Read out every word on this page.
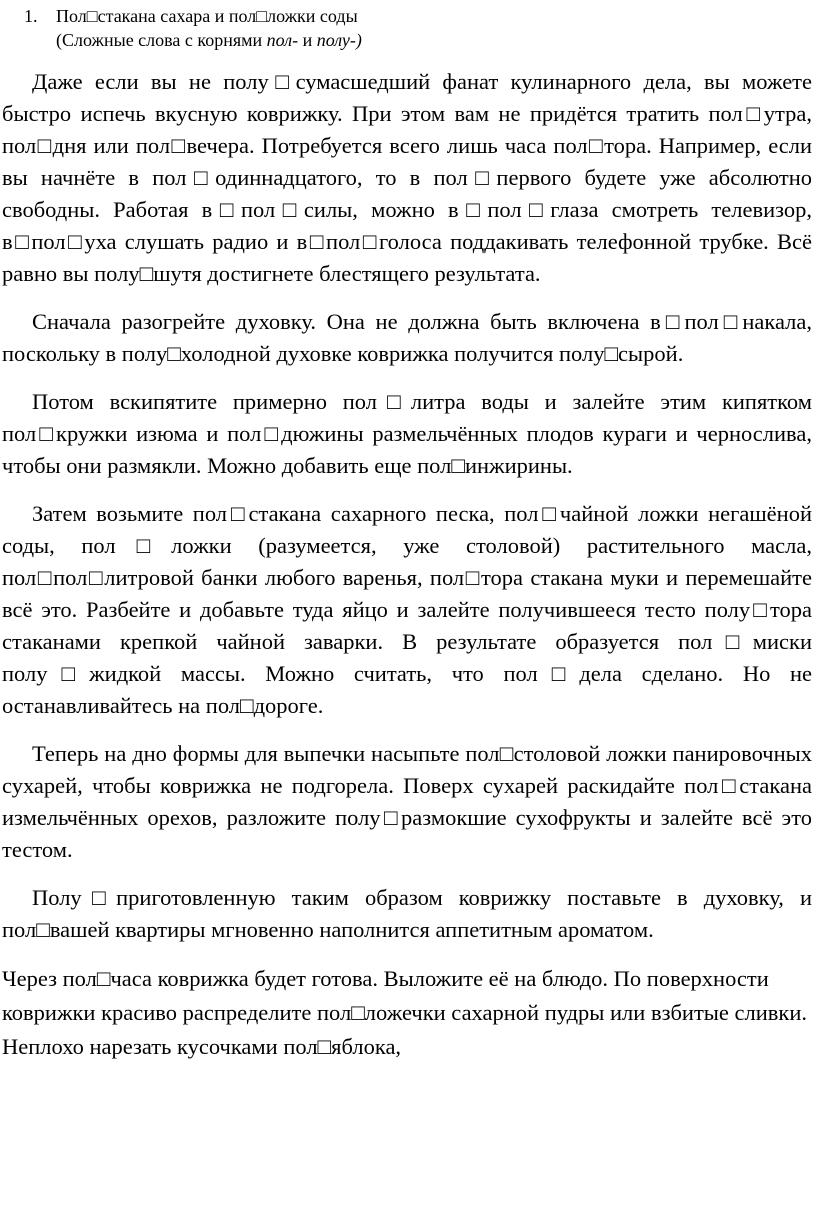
1. Пол□стакана сахара и пол□ложки соды
(Сложные слова с корнями пол- и полу-)

Даже если вы не полу□сумасшедший фанат кулинарного дела, вы можете быстро испечь вкусную коврижку. При этом вам не придётся тратить пол□утра, пол□дня или пол□вечера. Потребуется всего лишь часа пол□тора. Например, если вы начнёте в пол□одиннадцатого, то в пол□первого будете уже абсолютно свободны. Работая в□пол□силы, можно в□пол□глаза смотреть телевизор, в□пол□уха слушать радио и в□пол□голоса поддакивать телефонной трубке. Всё равно вы полу□шутя достигнете блестящего результата.

Сначала разогрейте духовку. Она не должна быть включена в□пол□накала, поскольку в полу□холодной духовке коврижка получится полу□сырой.

Потом вскипятите примерно пол□литра воды и залейте этим кипятком пол□кружки изюма и пол□дюжины размельчённых плодов кураги и чернослива, чтобы они размякли. Можно добавить еще пол□инжирины.

Затем возьмите пол□стакана сахарного песка, пол□чайной ложки негашёной соды, пол□ложки (разумеется, уже столовой) растительного масла, пол□пол□литровой банки любого варенья, пол□тора стакана муки и перемешайте всё это. Разбейте и добавьте туда яйцо и залейте получившееся тесто полу□тора стаканами крепкой чайной заварки. В результате образуется пол□миски полу□жидкой массы. Можно считать, что пол□дела сделано. Но не останавливайтесь на пол□дороге.

Теперь на дно формы для выпечки насыпьте пол□столовой ложки панировочных сухарей, чтобы коврижка не подгорела. Поверх сухарей раскидайте пол□стакана измельчённых орехов, разложите полу□размокшие сухофрукты и залейте всё это тестом.

Полу□приготовленную таким образом коврижку поставьте в духовку, и пол□вашей квартиры мгновенно наполнится аппетитным ароматом.

Через пол□часа коврижка будет готова. Выложите её на блюдо. По поверхности коврижки красиво распределите пол□ложечки сахарной пудры или взбитые сливки. Неплохо нарезать кусочками пол□яблока,
